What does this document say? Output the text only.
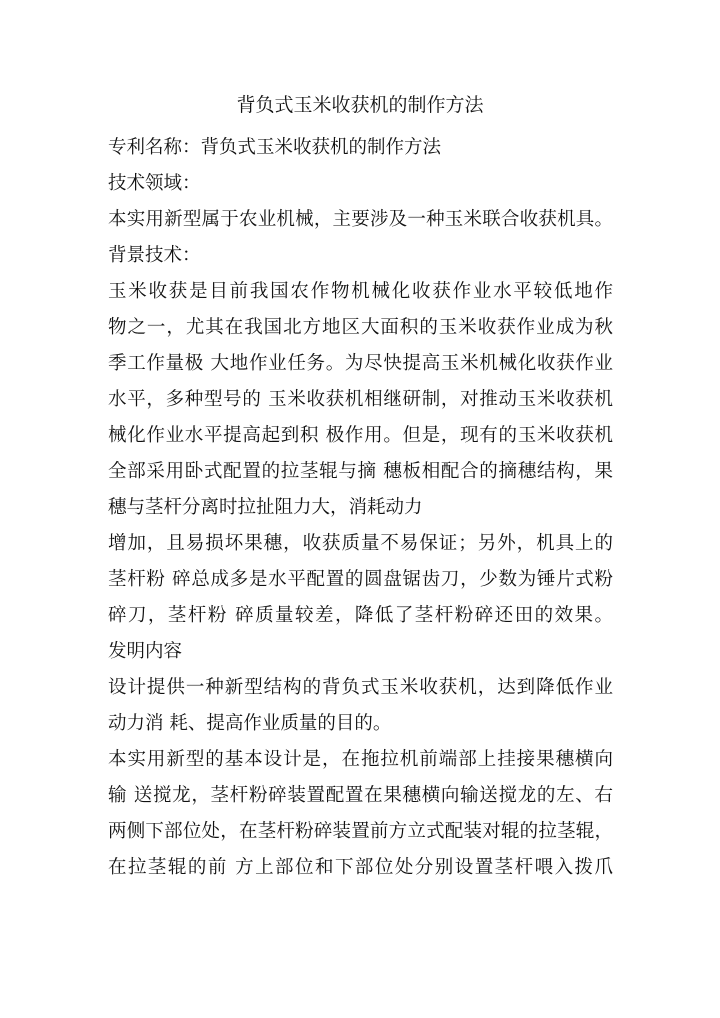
背负式玉米收获机的制作方法
专利名称：背负式玉米收获机的制作方法
技术领域：
本实用新型属于农业机械，主要涉及一种玉米联合收获机具。
背景技术：
玉米收获是目前我国农作物机械化收获作业水平较低地作
物之一，尤其在我国北方地区大面积的玉米收获作业成为秋
季工作量极 大地作业任务。为尽快提高玉米机械化收获作业
水平，多种型号的 玉米收获机相继研制，对推动玉米收获机
械化作业水平提高起到积 极作用。但是，现有的玉米收获机
全部采用卧式配置的拉茎辊与摘 穗板相配合的摘穗结构，果
穗与茎杆分离时拉扯阻力大，消耗动力
增加，且易损坏果穗，收获质量不易保证；另外，机具上的
茎杆粉 碎总成多是水平配置的圆盘锯齿刀，少数为锤片式粉
碎刀，茎杆粉 碎质量较差，降低了茎杆粉碎还田的效果。
发明内容
设计提供一种新型结构的背负式玉米收获机，达到降低作业
动力消 耗、提高作业质量的目的。
本实用新型的基本设计是，在拖拉机前端部上挂接果穗横向
输 送搅龙，茎杆粉碎装置配置在果穗横向输送搅龙的左、右
两侧下部位处，在茎杆粉碎装置前方立式配装对辊的拉茎辊，
在拉茎辊的前 方上部位和下部位处分别设置茎杆喂入拨爪
